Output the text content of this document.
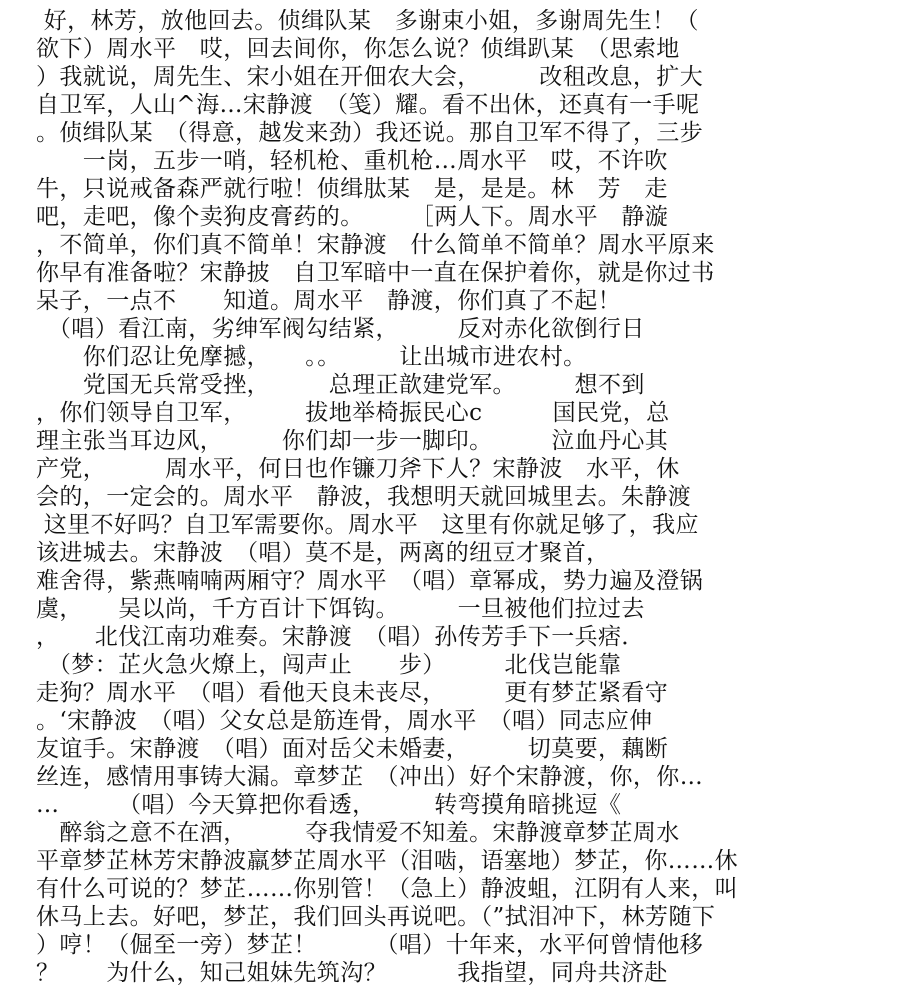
好，林芳，放他回去。侦缉队某　多谢束小姐，多谢周先生！（
欲下）周水平　哎，回去间你，你怎么说？侦缉趴某　（思索地
）我就说，周先生、宋小姐在开佃农大会，　　　改租改息，扩大
自卫军，人山^海…宋静渡　（笺）耀。看不出休，还真有一手呢
。侦缉队某　（得意，越发来劲）我还说。那自卫军不得了，三步
　　一岗，五步一哨，轻机枪、重机枪…周水平　哎，不许吹
牛，只说戒备森严就行啦！侦缉肽某　是，是是。林　芳　走
吧，走吧，像个卖狗皮膏药的。　　　［两人下。周水平　静漩
，不简单，你们真不简单！宋静渡　什么简单不简单？周水平原来
你早有准备啦？宋静披　自卫军暗中一直在保护着你，就是你过书
呆子，一点不　　知道。周水平　静渡，你们真了不起！
　（唱）看江南，劣绅军阀勾结紧，　　　反对赤化欲倒行日
　　你们忍让免摩撼，　　。。　　　让出城市进农村。
　　党国无兵常受挫，　　　总理正歆建党军。　　　想不到
，你们领导自卫军，　　　拔地举椅振民心c　　　国民党，总
理主张当耳边风，　　　你们却一步一脚印。　　　泣血丹心其
产党，　　　周水平，何日也作镰刀斧下人？宋静波　水平，休
会的，一定会的。周水平　静波，我想明天就回城里去。朱静渡
这里不好吗？自卫军需要你。周水平　这里有你就足够了，我应
该进城去。宋静波　（唱）莫不是，两离的纽豆才聚首，
难舍得，紫燕喃喃两厢守？周水平　（唱）章幂成，势力遍及澄锅
虞，　　吴以尚，千方百计下饵钩。　　　一旦被他们拉过去
，　　北伐江南功难奏。宋静渡　（唱）孙传芳手下一兵痞．
　（梦：芷火急火燎上，闯声止　　步）　　　北伐岂能靠
走狗？周水平　（唱）看他天良未丧尽，　　　更有梦芷紧看守
。‘宋静波　（唱）父女总是筋连骨，周水平　（唱）同志应伸
友谊手。宋静渡　（唱）面对岳父未婚妻，　　　切莫要，藕断
丝连，感情用事铸大漏。章梦芷　（冲出）好个宋静渡，你，你…
…　　　（唱）今天算把你看透，　　　转弯摸角暗挑逗《
　醉翁之意不在酒，　　　夺我情爱不知羞。宋静渡章梦芷周水
平章梦芷林芳宋静波羸梦芷周水平（泪啮，语塞地）梦芷，你……休
有什么可说的？梦芷……你别管！（急上）静波蛆，江阴有人来，叫
休马上去。好吧，梦芷，我们回头再说吧。（”拭泪冲下，林芳随下
）哼！（倔至一旁）梦芷！　　　（唱）十年来，水平何曾情他移
？　　为什么，知己姐妹先筑沟？　　　我指望，同舟共济赴
